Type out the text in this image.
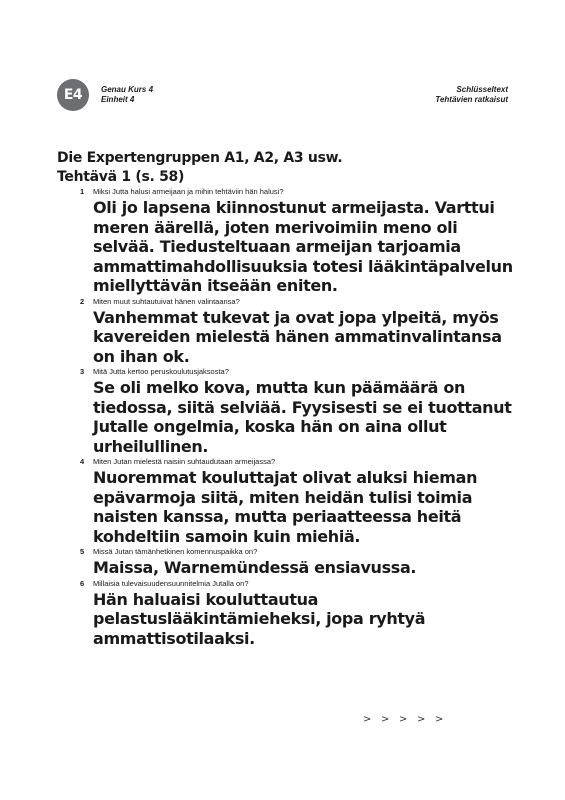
E4	Genau Kurs 4
Einheit 4
Schlüsseltext
Tehtävien ratkaisut
Die Expertengruppen A1, A2, A3 usw.
Tehtävä 1 (s. 58)
1 Miksi Jutta halusi armeijaan ja mihin tehtäviin hän halusi?
Oli jo lapsena kiinnostunut armeijasta. Varttui meren äärellä, joten merivoimiin meno oli selvää. Tiedusteltuaan armeijan tarjoamia ammattimahdollisuuksia totesi lääkintäpalvelun miellyttävän itseään eniten.
2 Miten muut suhtautuivat hänen valintaansa?
Vanhemmat tukevat ja ovat jopa ylpeitä, myös kavereiden mielestä hänen ammatinvalintansa on ihan ok.
3 Mitä Jutta kertoo peruskoulutusjaksosta?
Se oli melko kova, mutta kun päämäärä on tiedossa, siitä selviää. Fyysisesti se ei tuottanut Jutalle ongelmia, koska hän on aina ollut urheilullinen.
4 Miten Jutan mielestä naisiin suhtaudutaan armeijassa?
Nuoremmat kouluttajat olivat aluksi hieman epävarmoja siitä, miten heidän tulisi toimia naisten kanssa, mutta periaatteessa heitä kohdeltiin samoin kuin miehiä.
5 Missä Jutan tämänhetkinen komennuspaikka on?
Maissa, Warnemündessä ensiavussa.
6 Millaisia tulevaisuudensuunnitelmia Jutalla on?
Hän haluaisi kouluttautua pelastuslääkintämieheksi, jopa ryhtyä ammattisotilaaksi.
> > > > >
